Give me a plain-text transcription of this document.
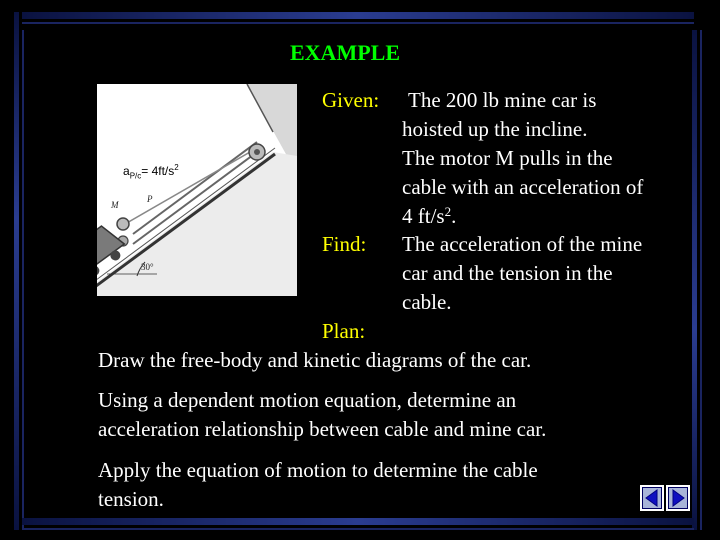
EXAMPLE
M
P
30°
$a_{P/c}= 4ft/s^2$
Given: The 200 lb mine car is
hoisted up the incline.
The motor M pulls in the
cable with an acceleration of
4 $ft/s^2$.
Find: The acceleration of the mine
car and the tension in the
cable.
Plan:
Draw the free-body and kinetic diagrams of the car.
Using a dependent motion equation, determine an
acceleration relationship between cable and mine car.
Apply the equation of motion to determine the cable
tension.
